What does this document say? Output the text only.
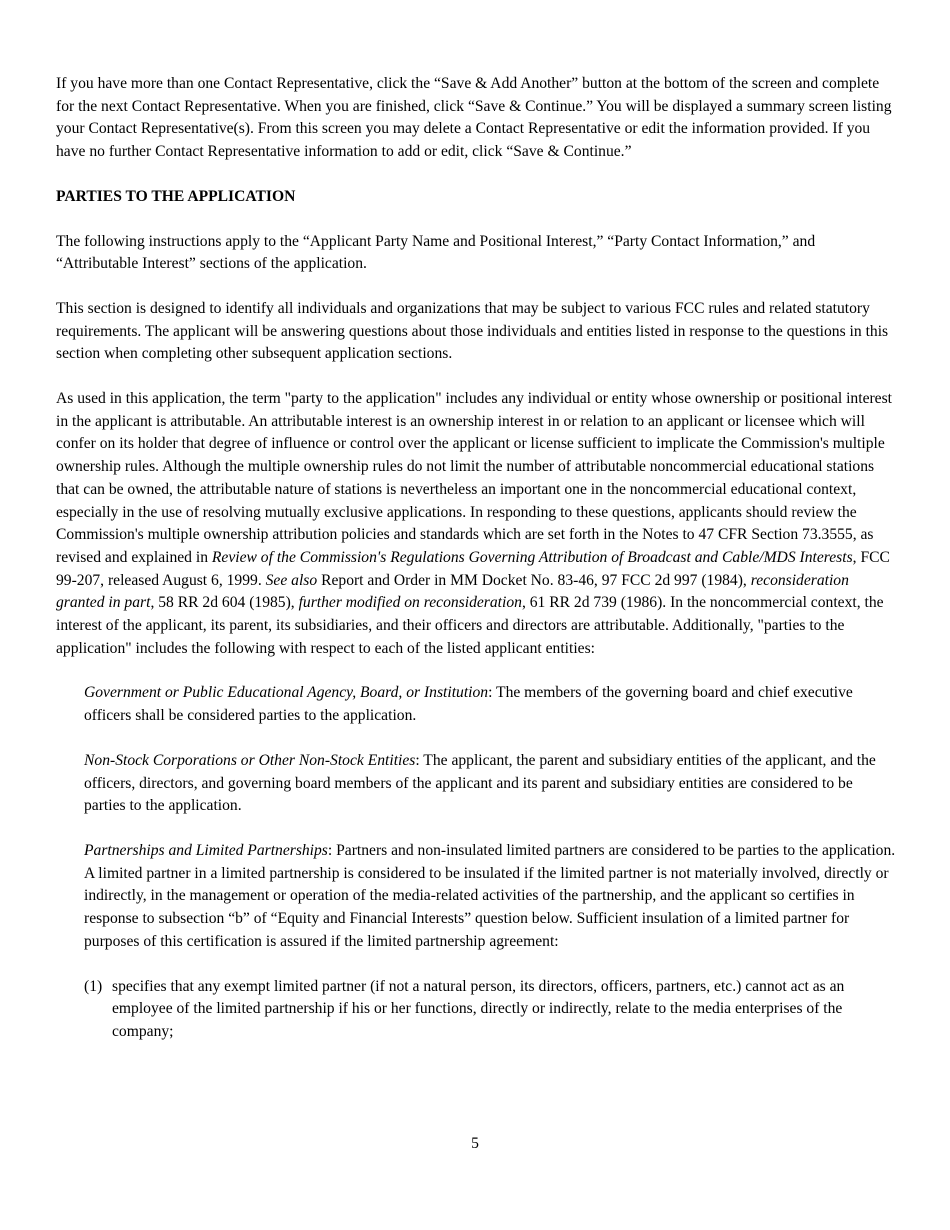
If you have more than one Contact Representative, click the “Save & Add Another” button at the bottom of the screen and complete for the next Contact Representative. When you are finished, click “Save & Continue.” You will be displayed a summary screen listing your Contact Representative(s). From this screen you may delete a Contact Representative or edit the information provided. If you have no further Contact Representative information to add or edit, click “Save & Continue.”

PARTIES TO THE APPLICATION

The following instructions apply to the “Applicant Party Name and Positional Interest,” “Party Contact Information,” and “Attributable Interest” sections of the application.

This section is designed to identify all individuals and organizations that may be subject to various FCC rules and related statutory requirements. The applicant will be answering questions about those individuals and entities listed in response to the questions in this section when completing other subsequent application sections.

As used in this application, the term "party to the application" includes any individual or entity whose ownership or positional interest in the applicant is attributable. An attributable interest is an ownership interest in or relation to an applicant or licensee which will confer on its holder that degree of influence or control over the applicant or license sufficient to implicate the Commission's multiple ownership rules. Although the multiple ownership rules do not limit the number of attributable noncommercial educational stations that can be owned, the attributable nature of stations is nevertheless an important one in the noncommercial educational context, especially in the use of resolving mutually exclusive applications. In responding to these questions, applicants should review the Commission's multiple ownership attribution policies and standards which are set forth in the Notes to 47 CFR Section 73.3555, as revised and explained in Review of the Commission's Regulations Governing Attribution of Broadcast and Cable/MDS Interests, FCC 99-207, released August 6, 1999. See also Report and Order in MM Docket No. 83-46, 97 FCC 2d 997 (1984), reconsideration granted in part, 58 RR 2d 604 (1985), further modified on reconsideration, 61 RR 2d 739 (1986). In the noncommercial context, the interest of the applicant, its parent, its subsidiaries, and their officers and directors are attributable. Additionally, "parties to the application" includes the following with respect to each of the listed applicant entities:

Government or Public Educational Agency, Board, or Institution: The members of the governing board and chief executive officers shall be considered parties to the application.

Non-Stock Corporations or Other Non-Stock Entities: The applicant, the parent and subsidiary entities of the applicant, and the officers, directors, and governing board members of the applicant and its parent and subsidiary entities are considered to be parties to the application.

Partnerships and Limited Partnerships: Partners and non-insulated limited partners are considered to be parties to the application. A limited partner in a limited partnership is considered to be insulated if the limited partner is not materially involved, directly or indirectly, in the management or operation of the media-related activities of the partnership, and the applicant so certifies in response to subsection “b” of “Equity and Financial Interests” question below. Sufficient insulation of a limited partner for purposes of this certification is assured if the limited partnership agreement:

(1) specifies that any exempt limited partner (if not a natural person, its directors, officers, partners, etc.) cannot act as an employee of the limited partnership if his or her functions, directly or indirectly, relate to the media enterprises of the company;

5
